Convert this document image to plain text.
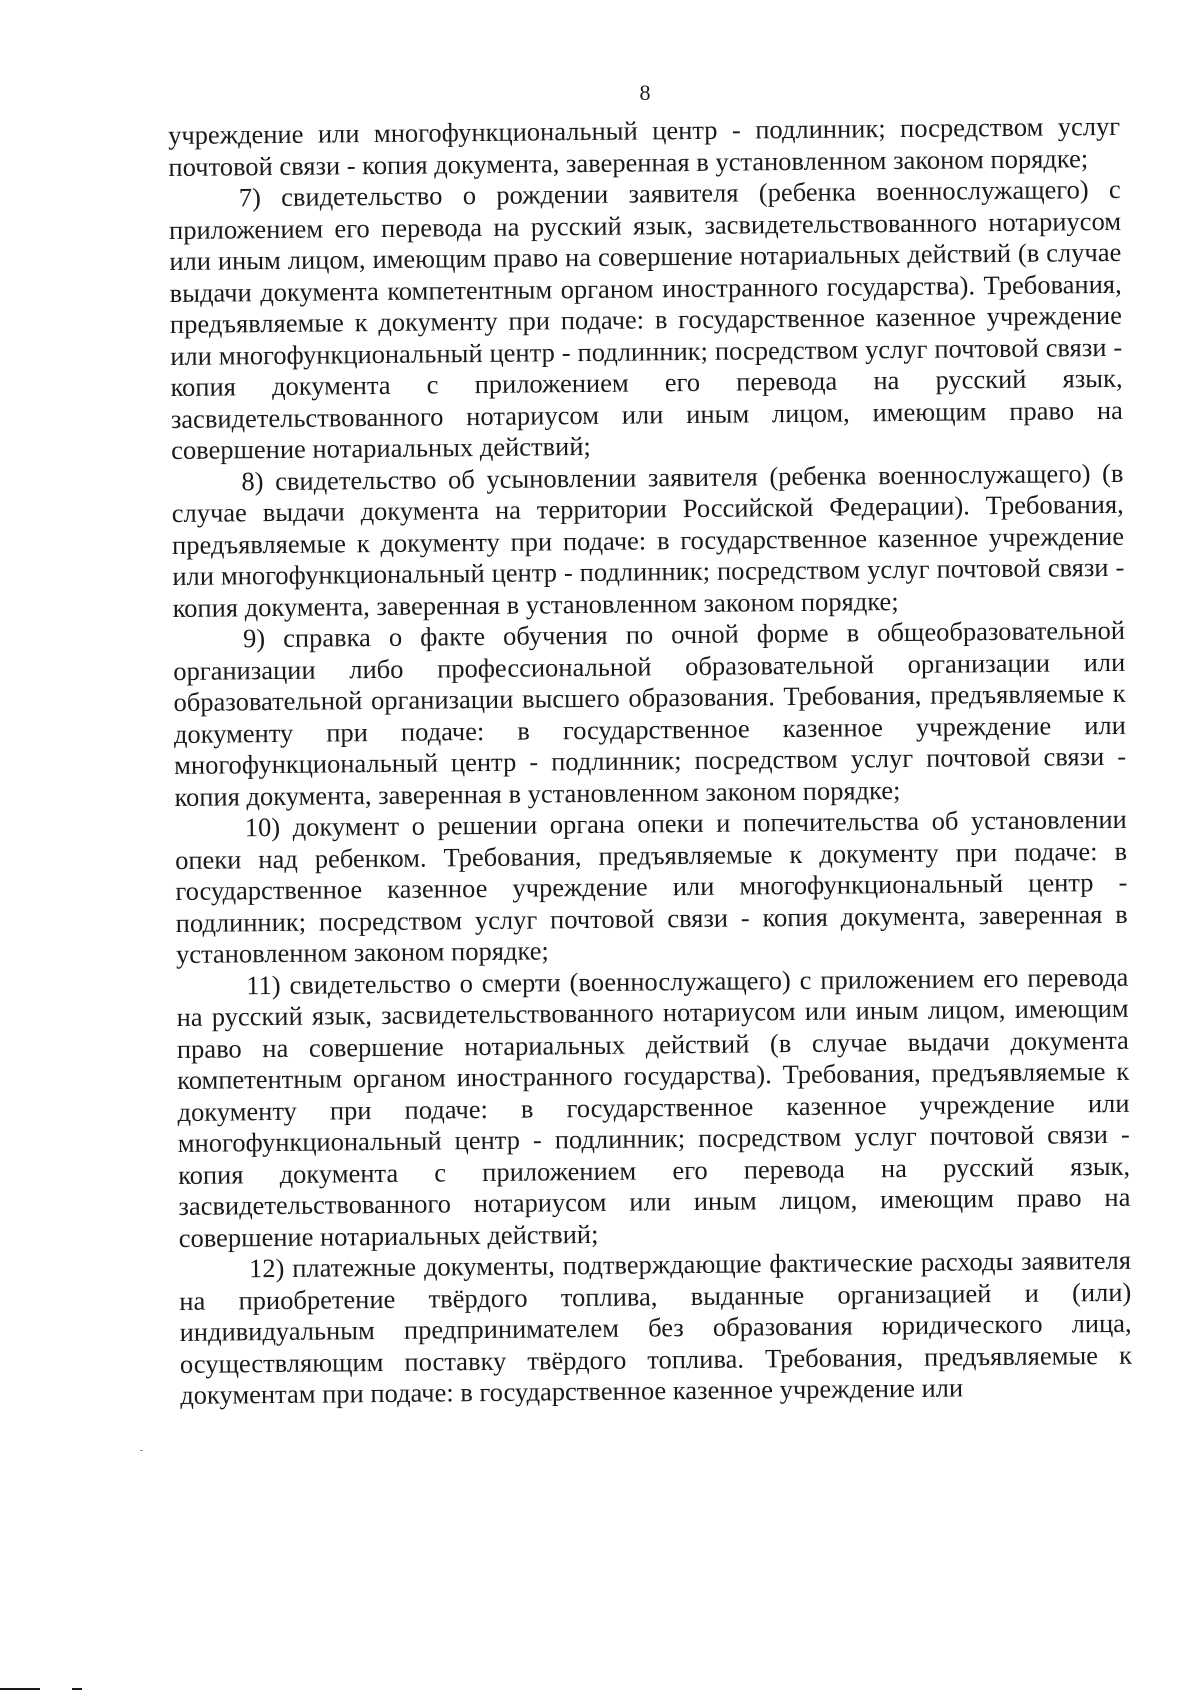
8

учреждение или многофункциональный центр - подлинник; посредством услуг почтовой связи - копия документа, заверенная в установленном законом порядке;

7) свидетельство о рождении заявителя (ребенка военнослужащего) с приложением его перевода на русский язык, засвидетельствованного нотариусом или иным лицом, имеющим право на совершение нотариальных действий (в случае выдачи документа компетентным органом иностранного государства). Требования, предъявляемые к документу при подаче: в государственное казенное учреждение или многофункциональный центр - подлинник; посредством услуг почтовой связи - копия документа с приложением его перевода на русский язык, засвидетельствованного нотариусом или иным лицом, имеющим право на совершение нотариальных действий;

8) свидетельство об усыновлении заявителя (ребенка военнослужащего) (в случае выдачи документа на территории Российской Федерации). Требования, предъявляемые к документу при подаче: в государственное казенное учреждение или многофункциональный центр - подлинник; посредством услуг почтовой связи - копия документа, заверенная в установленном законом порядке;

9) справка о факте обучения по очной форме в общеобразовательной организации либо профессиональной образовательной организации или образовательной организации высшего образования. Требования, предъявляемые к документу при подаче: в государственное казенное учреждение или многофункциональный центр - подлинник; посредством услуг почтовой связи - копия документа, заверенная в установленном законом порядке;

10) документ о решении органа опеки и попечительства об установлении опеки над ребенком. Требования, предъявляемые к документу при подаче: в государственное казенное учреждение или многофункциональный центр - подлинник; посредством услуг почтовой связи - копия документа, заверенная в установленном законом порядке;

11) свидетельство о смерти (военнослужащего) с приложением его перевода на русский язык, засвидетельствованного нотариусом или иным лицом, имеющим право на совершение нотариальных действий (в случае выдачи документа компетентным органом иностранного государства). Требования, предъявляемые к документу при подаче: в государственное казенное учреждение или многофункциональный центр - подлинник; посредством услуг почтовой связи - копия документа с приложением его перевода на русский язык, засвидетельствованного нотариусом или иным лицом, имеющим право на совершение нотариальных действий;

12) платежные документы, подтверждающие фактические расходы заявителя на приобретение твёрдого топлива, выданные организацией и (или) индивидуальным предпринимателем без образования юридического лица, осуществляющим поставку твёрдого топлива. Требования, предъявляемые к документам при подаче: в государственное казенное учреждение или
